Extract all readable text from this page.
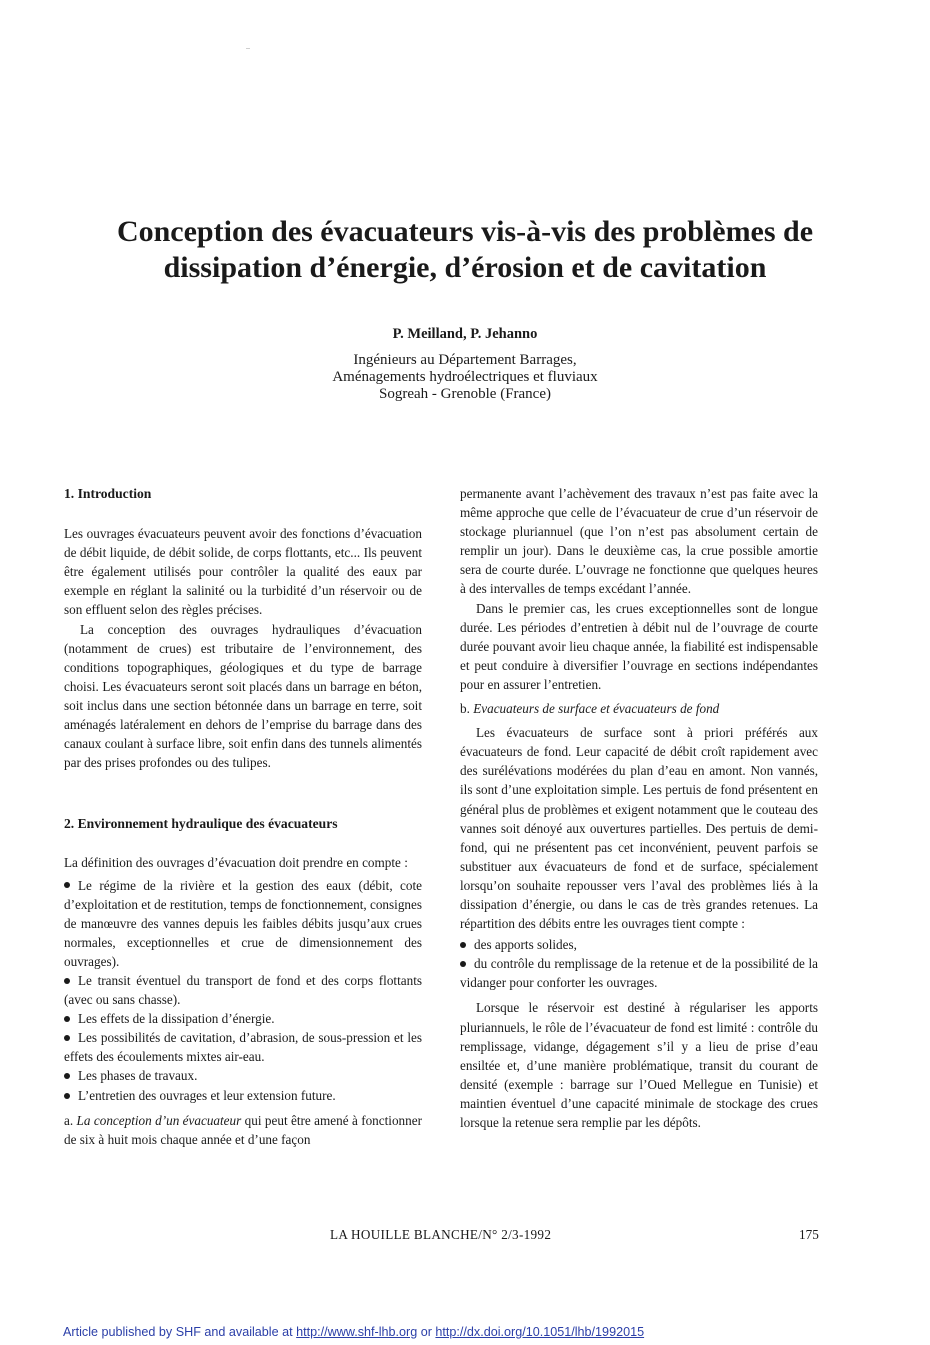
Conception des évacuateurs vis-à-vis des problèmes de
dissipation d’énergie, d’érosion et de cavitation
P. Meilland, P. Jehanno
Ingénieurs au Département Barrages,
Aménagements hydroélectriques et fluviaux
Sogreah - Grenoble (France)

1. Introduction

Les ouvrages évacuateurs peuvent avoir des fonctions d’évacuation de débit liquide, de débit solide, de corps flottants, etc... Ils peuvent être également utilisés pour contrôler la qualité des eaux par exemple en réglant la salinité ou la turbidité d’un réservoir ou de son effluent selon des règles précises.

La conception des ouvrages hydrauliques d’évacuation (notamment de crues) est tributaire de l’environnement, des conditions topographiques, géologiques et du type de barrage choisi. Les évacuateurs seront soit placés dans un barrage en béton, soit inclus dans une section bétonnée dans un barrage en terre, soit aménagés latéralement en dehors de l’emprise du barrage dans des canaux coulant à surface libre, soit enfin dans des tunnels alimentés par des prises profondes ou des tulipes.

2. Environnement hydraulique des évacuateurs

La définition des ouvrages d’évacuation doit prendre en compte :

Le régime de la rivière et la gestion des eaux (débit, cote d’exploitation et de restitution, temps de fonctionnement, consignes de manœuvre des vannes depuis les faibles débits jusqu’aux crues normales, exceptionnelles et crue de dimensionnement des ouvrages).

Le transit éventuel du transport de fond et des corps flottants (avec ou sans chasse).

Les effets de la dissipation d’énergie.

Les possibilités de cavitation, d’abrasion, de sous-pression et les effets des écoulements mixtes air-eau.

Les phases de travaux.

L’entretien des ouvrages et leur extension future.

a. La conception d’un évacuateur qui peut être amené à fonctionner de six à huit mois chaque année et d’une façon

permanente avant l’achèvement des travaux n’est pas faite avec la même approche que celle de l’évacuateur de crue d’un réservoir de stockage pluriannuel (que l’on n’est pas absolument certain de remplir un jour). Dans le deuxième cas, la crue possible amortie sera de courte durée. L’ouvrage ne fonctionne que quelques heures à des intervalles de temps excédant l’année.

Dans le premier cas, les crues exceptionnelles sont de longue durée. Les périodes d’entretien à débit nul de l’ouvrage de courte durée pouvant avoir lieu chaque année, la fiabilité est indispensable et peut conduire à diversifier l’ouvrage en sections indépendantes pour en assurer l’entretien.

b. Evacuateurs de surface et évacuateurs de fond

Les évacuateurs de surface sont à priori préférés aux évacuateurs de fond. Leur capacité de débit croît rapidement avec des surélévations modérées du plan d’eau en amont. Non vannés, ils sont d’une exploitation simple. Les pertuis de fond présentent en général plus de problèmes et exigent notamment que le couteau des vannes soit dénoyé aux ouvertures partielles. Des pertuis de demi-fond, qui ne présentent pas cet inconvénient, peuvent parfois se substituer aux évacuateurs de fond et de surface, spécialement lorsqu’on souhaite repousser vers l’aval des problèmes liés à la dissipation d’énergie, ou dans le cas de très grandes retenues. La répartition des débits entre les ouvrages tient compte :

des apports solides,

du contrôle du remplissage de la retenue et de la possibilité de la vidanger pour conforter les ouvrages.

Lorsque le réservoir est destiné à régulariser les apports pluriannuels, le rôle de l’évacuateur de fond est limité : contrôle du remplissage, vidange, dégagement s’il y a lieu de prise d’eau ensiltée et, d’une manière problématique, transit du courant de densité (exemple : barrage sur l’Oued Mellegue en Tunisie) et maintien éventuel d’une capacité minimale de stockage des crues lorsque la retenue sera remplie par les dépôts.

LA HOUILLE BLANCHE/N° 2/3-1992	175
Article published by SHF and available at http://www.shf-lhb.org or http://dx.doi.org/10.1051/lhb/1992015
